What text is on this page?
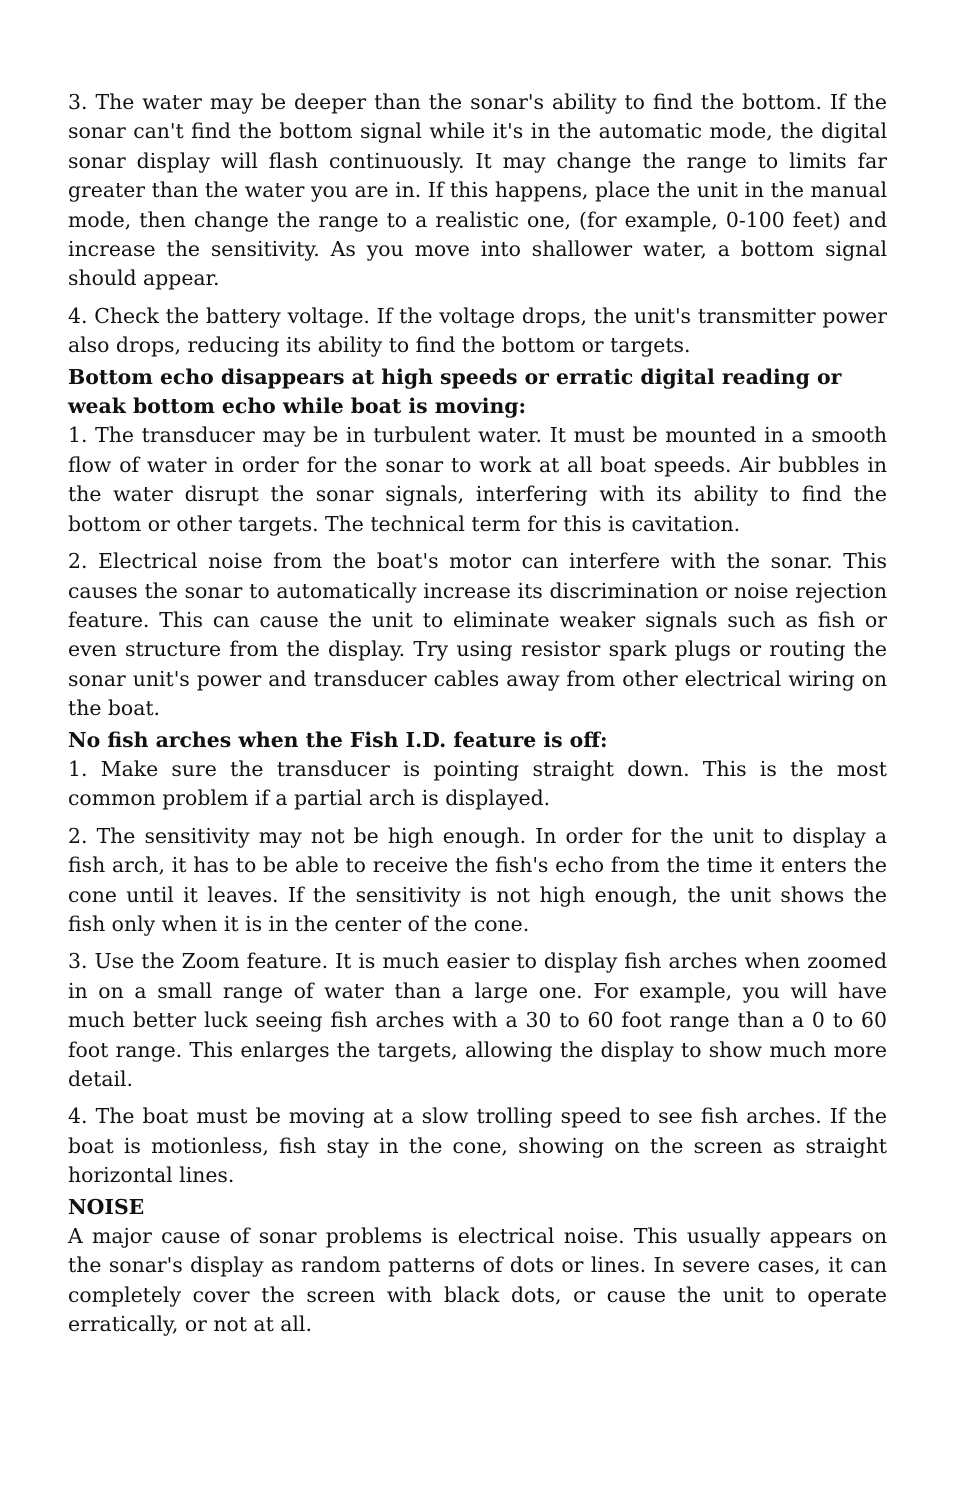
3. The water may be deeper than the sonar's ability to find the bottom. If the sonar can't find the bottom signal while it's in the automatic mode, the digital sonar display will flash continuously. It may change the range to limits far greater than the water you are in. If this happens, place the unit in the manual mode, then change the range to a realistic one, (for example, 0-100 feet) and increase the sensitivity. As you move into shallower water, a bottom signal should appear.

4. Check the battery voltage. If the voltage drops, the unit's transmitter power also drops, reducing its ability to find the bottom or targets.

Bottom echo disappears at high speeds or erratic digital reading or weak bottom echo while boat is moving:

1. The transducer may be in turbulent water. It must be mounted in a smooth flow of water in order for the sonar to work at all boat speeds. Air bubbles in the water disrupt the sonar signals, interfering with its ability to find the bottom or other targets. The technical term for this is cavitation.

2. Electrical noise from the boat's motor can interfere with the sonar. This causes the sonar to automatically increase its discrimination or noise rejection feature. This can cause the unit to eliminate weaker signals such as fish or even structure from the display. Try using resistor spark plugs or routing the sonar unit's power and transducer cables away from other electrical wiring on the boat.

No fish arches when the Fish I.D. feature is off:

1. Make sure the transducer is pointing straight down. This is the most common problem if a partial arch is displayed.

2. The sensitivity may not be high enough. In order for the unit to display a fish arch, it has to be able to receive the fish's echo from the time it enters the cone until it leaves. If the sensitivity is not high enough, the unit shows the fish only when it is in the center of the cone.

3. Use the Zoom feature. It is much easier to display fish arches when zoomed in on a small range of water than a large one. For example, you will have much better luck seeing fish arches with a 30 to 60 foot range than a 0 to 60 foot range. This enlarges the targets, allowing the display to show much more detail.

4. The boat must be moving at a slow trolling speed to see fish arches. If the boat is motionless, fish stay in the cone, showing on the screen as straight horizontal lines.

NOISE

A major cause of sonar problems is electrical noise. This usually appears on the sonar's display as random patterns of dots or lines. In severe cases, it can completely cover the screen with black dots, or cause the unit to operate erratically, or not at all.
